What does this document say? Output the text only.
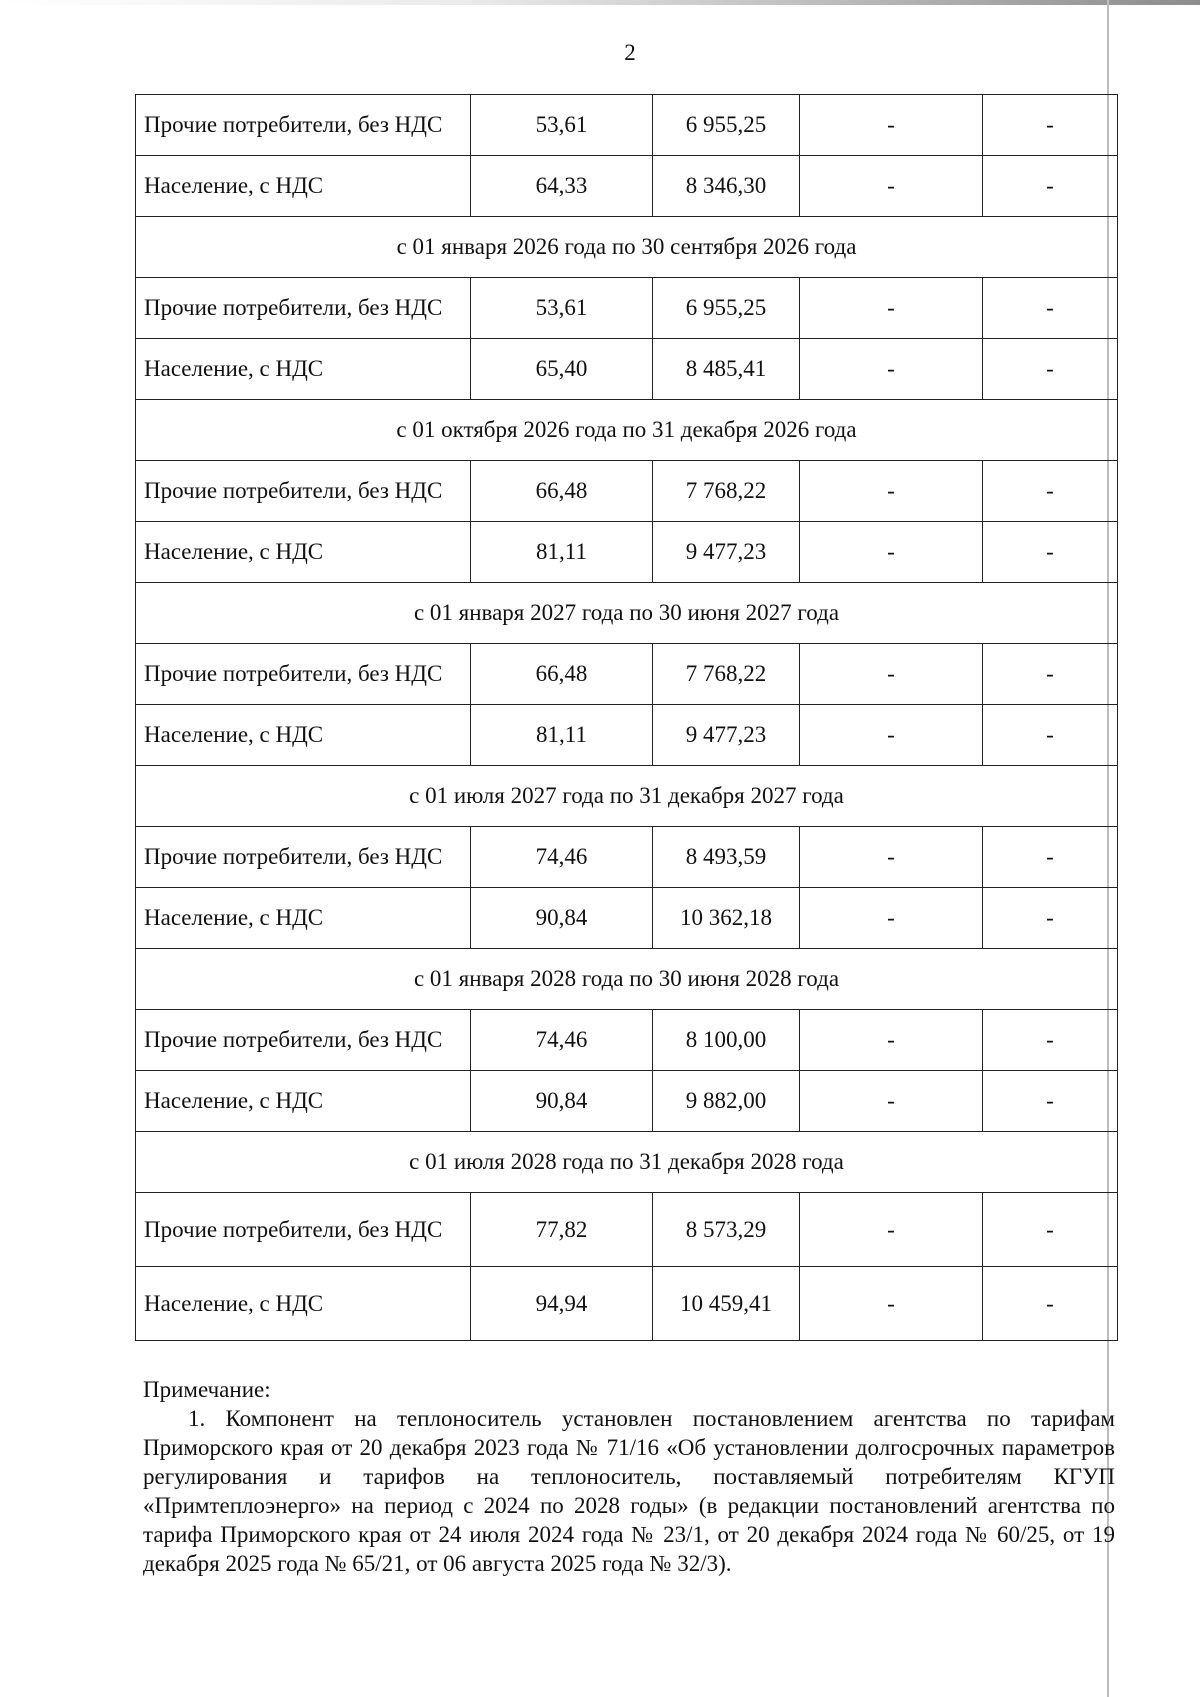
2
Прочие потребители, без НДС	53,61	6 955,25	-	-
Население, с НДС	64,33	8 346,30	-	-
с 01 января 2026 года по 30 сентября 2026 года				
Прочие потребители, без НДС	53,61	6 955,25	-	-
Население, с НДС	65,40	8 485,41	-	-
с 01 октября 2026 года по 31 декабря 2026 года				
Прочие потребители, без НДС	66,48	7 768,22	-	-
Население, с НДС	81,11	9 477,23	-	-
с 01 января 2027 года по 30 июня 2027 года				
Прочие потребители, без НДС	66,48	7 768,22	-	-
Население, с НДС	81,11	9 477,23	-	-
с 01 июля 2027 года по 31 декабря 2027 года				
Прочие потребители, без НДС	74,46	8 493,59	-	-
Население, с НДС	90,84	10 362,18	-	-
с 01 января 2028 года по 30 июня 2028 года				
Прочие потребители, без НДС	74,46	8 100,00	-	-
Население, с НДС	90,84	9 882,00	-	-
с 01 июля 2028 года по 31 декабря 2028 года				
Прочие потребители, без НДС	77,82	8 573,29	-	-
Население, с НДС	94,94	10 459,41	-	-

Примечание:

1. Компонент на теплоноситель установлен постановлением агентства по тарифам Приморского края от 20 декабря 2023 года № 71/16 «Об установлении долгосрочных параметров регулирования и тарифов на теплоноситель, поставляемый потребителям КГУП «Примтеплоэнерго» на период с 2024 по 2028 годы» (в редакции постановлений агентства по тарифа Приморского края от 24 июля 2024 года № 23/1, от 20 декабря 2024 года № 60/25, от 19 декабря 2025 года № 65/21, от 06 августа 2025 года № 32/3).
